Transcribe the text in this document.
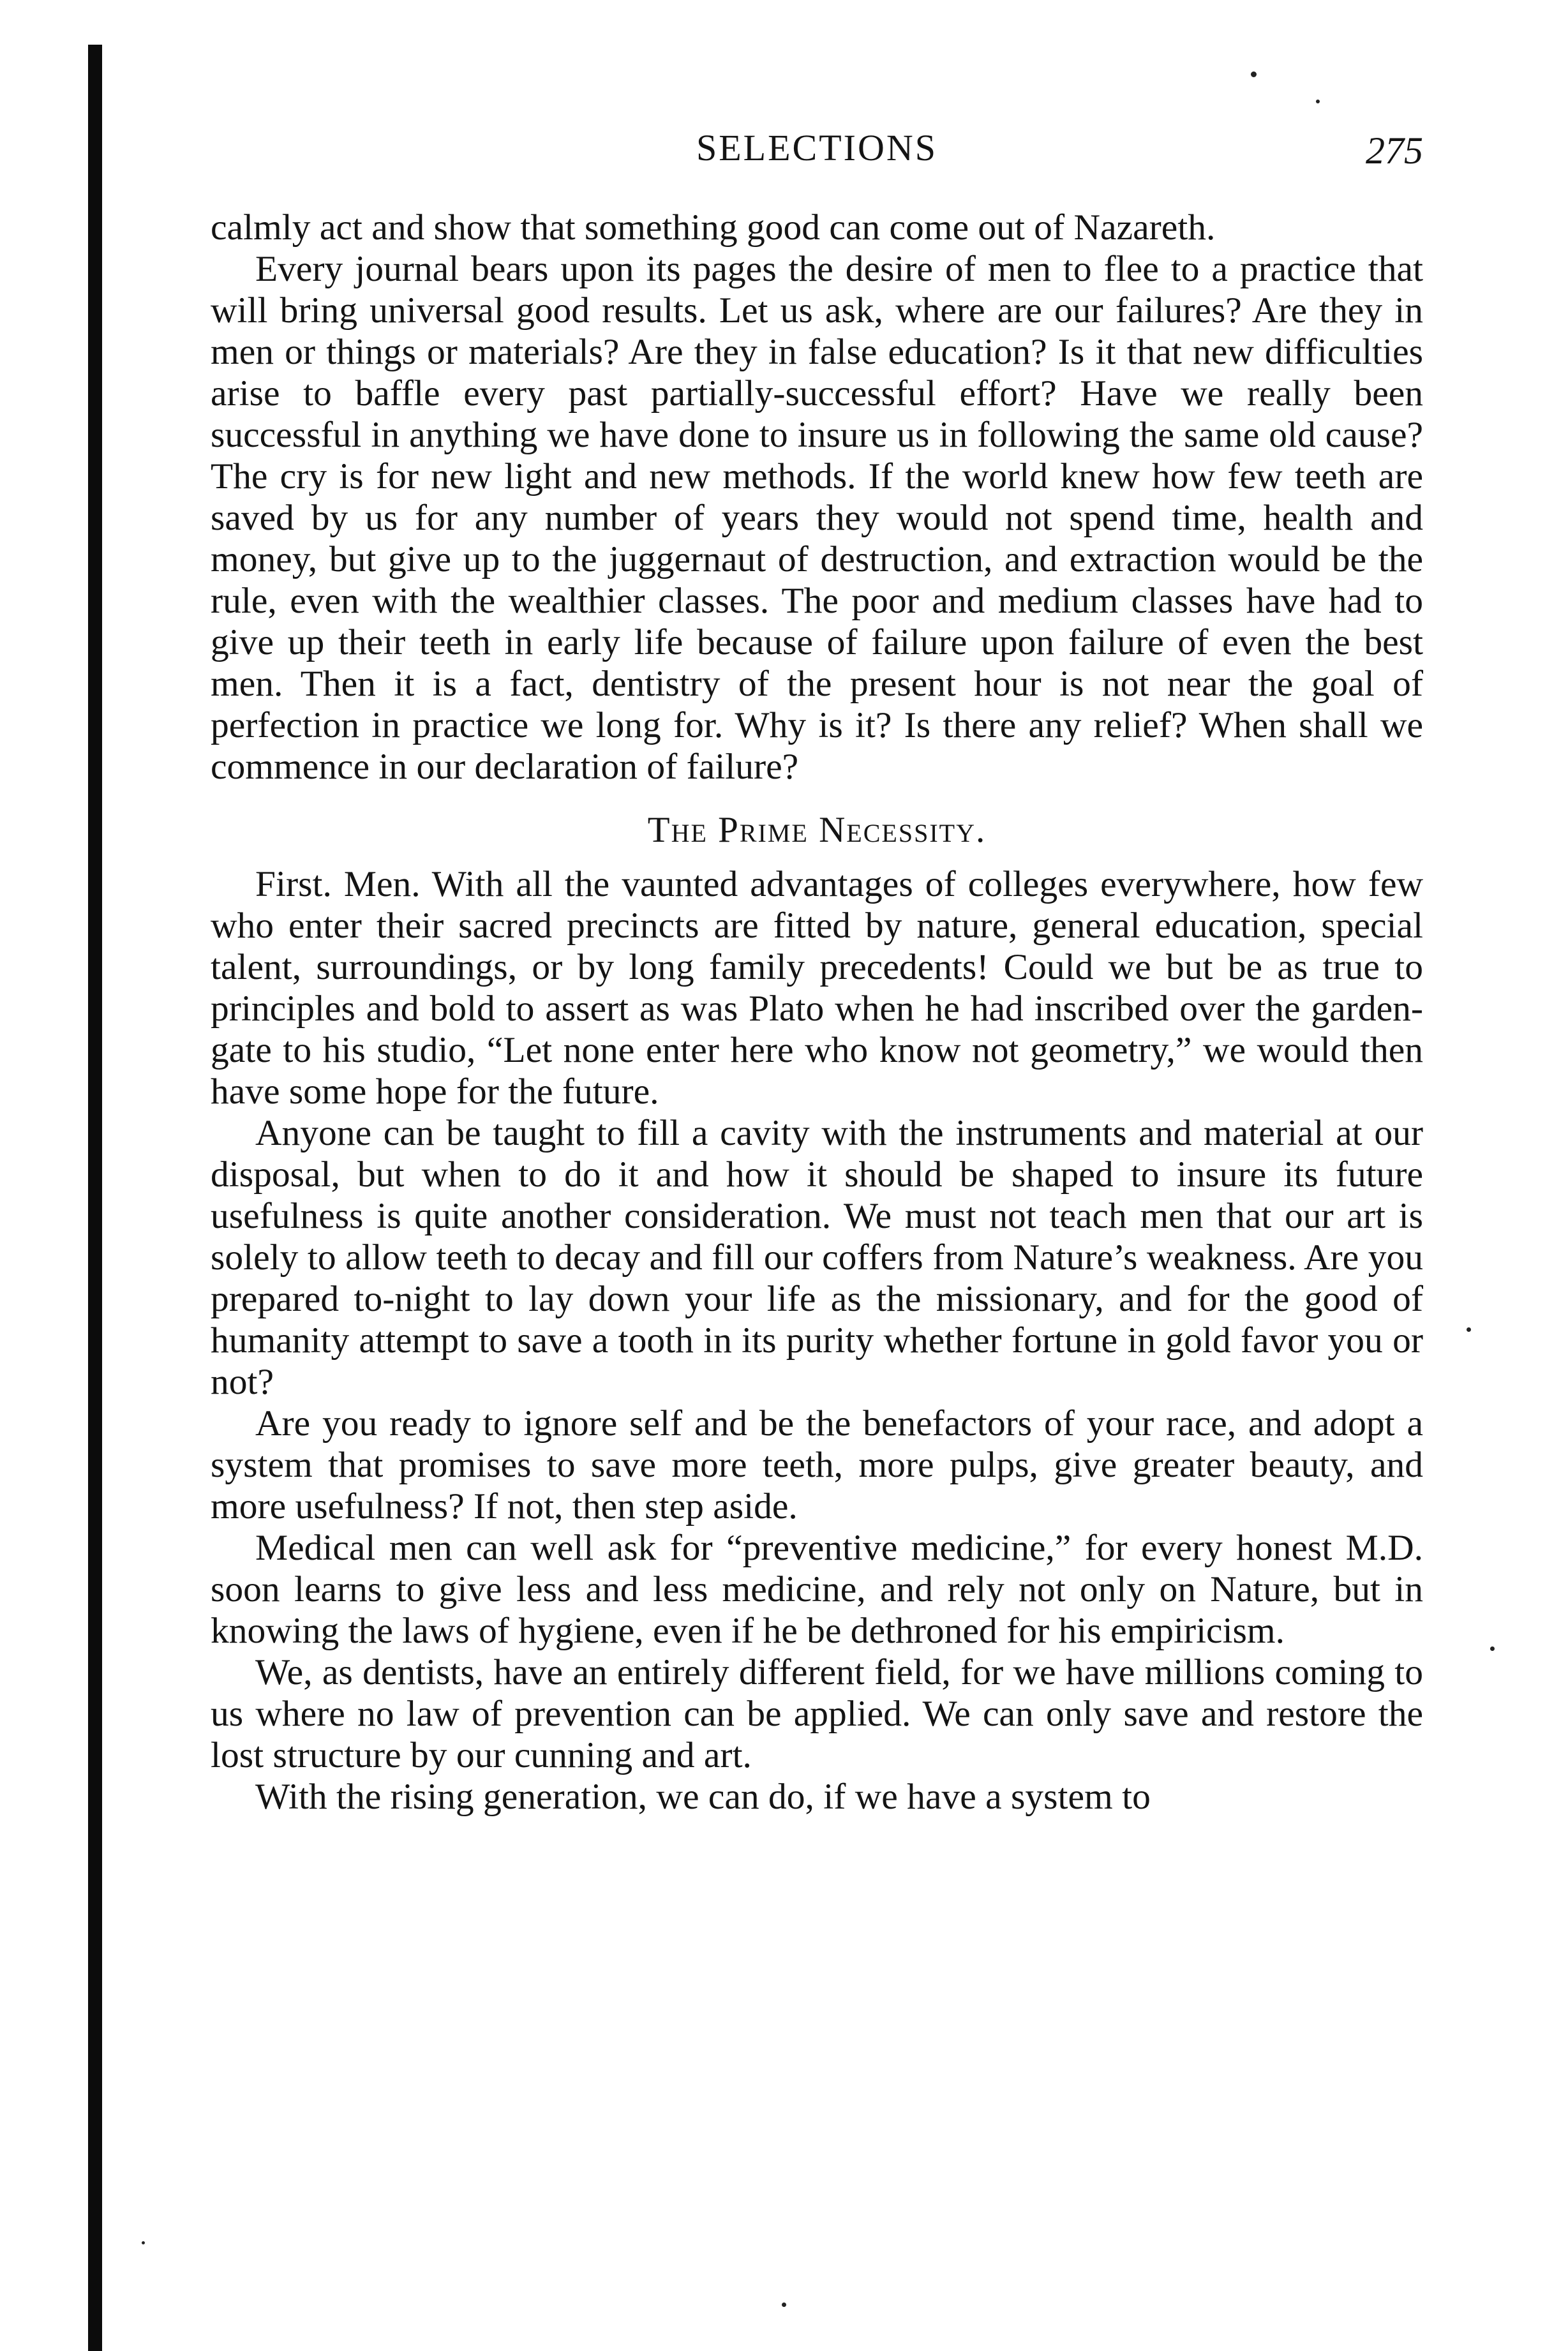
SELECTIONS	275

calmly act and show that something good can come out of Nazareth.

Every journal bears upon its pages the desire of men to flee to a practice that will bring universal good results. Let us ask, where are our failures? Are they in men or things or materials? Are they in false education? Is it that new difficulties arise to baffle every past partially-successful effort? Have we really been successful in anything we have done to insure us in following the same old cause? The cry is for new light and new methods. If the world knew how few teeth are saved by us for any number of years they would not spend time, health and money, but give up to the juggernaut of destruction, and extraction would be the rule, even with the wealthier classes. The poor and medium classes have had to give up their teeth in early life because of failure upon failure of even the best men. Then it is a fact, dentistry of the present hour is not near the goal of perfection in practice we long for. Why is it? Is there any relief? When shall we commence in our declaration of failure?

The Prime Necessity.

First. Men. With all the vaunted advantages of colleges everywhere, how few who enter their sacred precincts are fitted by nature, general education, special talent, surroundings, or by long family precedents! Could we but be as true to principles and bold to assert as was Plato when he had inscribed over the garden-gate to his studio, “Let none enter here who know not geometry,” we would then have some hope for the future.

Anyone can be taught to fill a cavity with the instruments and material at our disposal, but when to do it and how it should be shaped to insure its future usefulness is quite another consideration. We must not teach men that our art is solely to allow teeth to decay and fill our coffers from Nature’s weakness. Are you prepared to-night to lay down your life as the missionary, and for the good of humanity attempt to save a tooth in its purity whether fortune in gold favor you or not?

Are you ready to ignore self and be the benefactors of your race, and adopt a system that promises to save more teeth, more pulps, give greater beauty, and more usefulness? If not, then step aside.

Medical men can well ask for “preventive medicine,” for every honest M.D. soon learns to give less and less medicine, and rely not only on Nature, but in knowing the laws of hygiene, even if he be dethroned for his empiricism.

We, as dentists, have an entirely different field, for we have millions coming to us where no law of prevention can be applied. We can only save and restore the lost structure by our cunning and art.

With the rising generation, we can do, if we have a system to
